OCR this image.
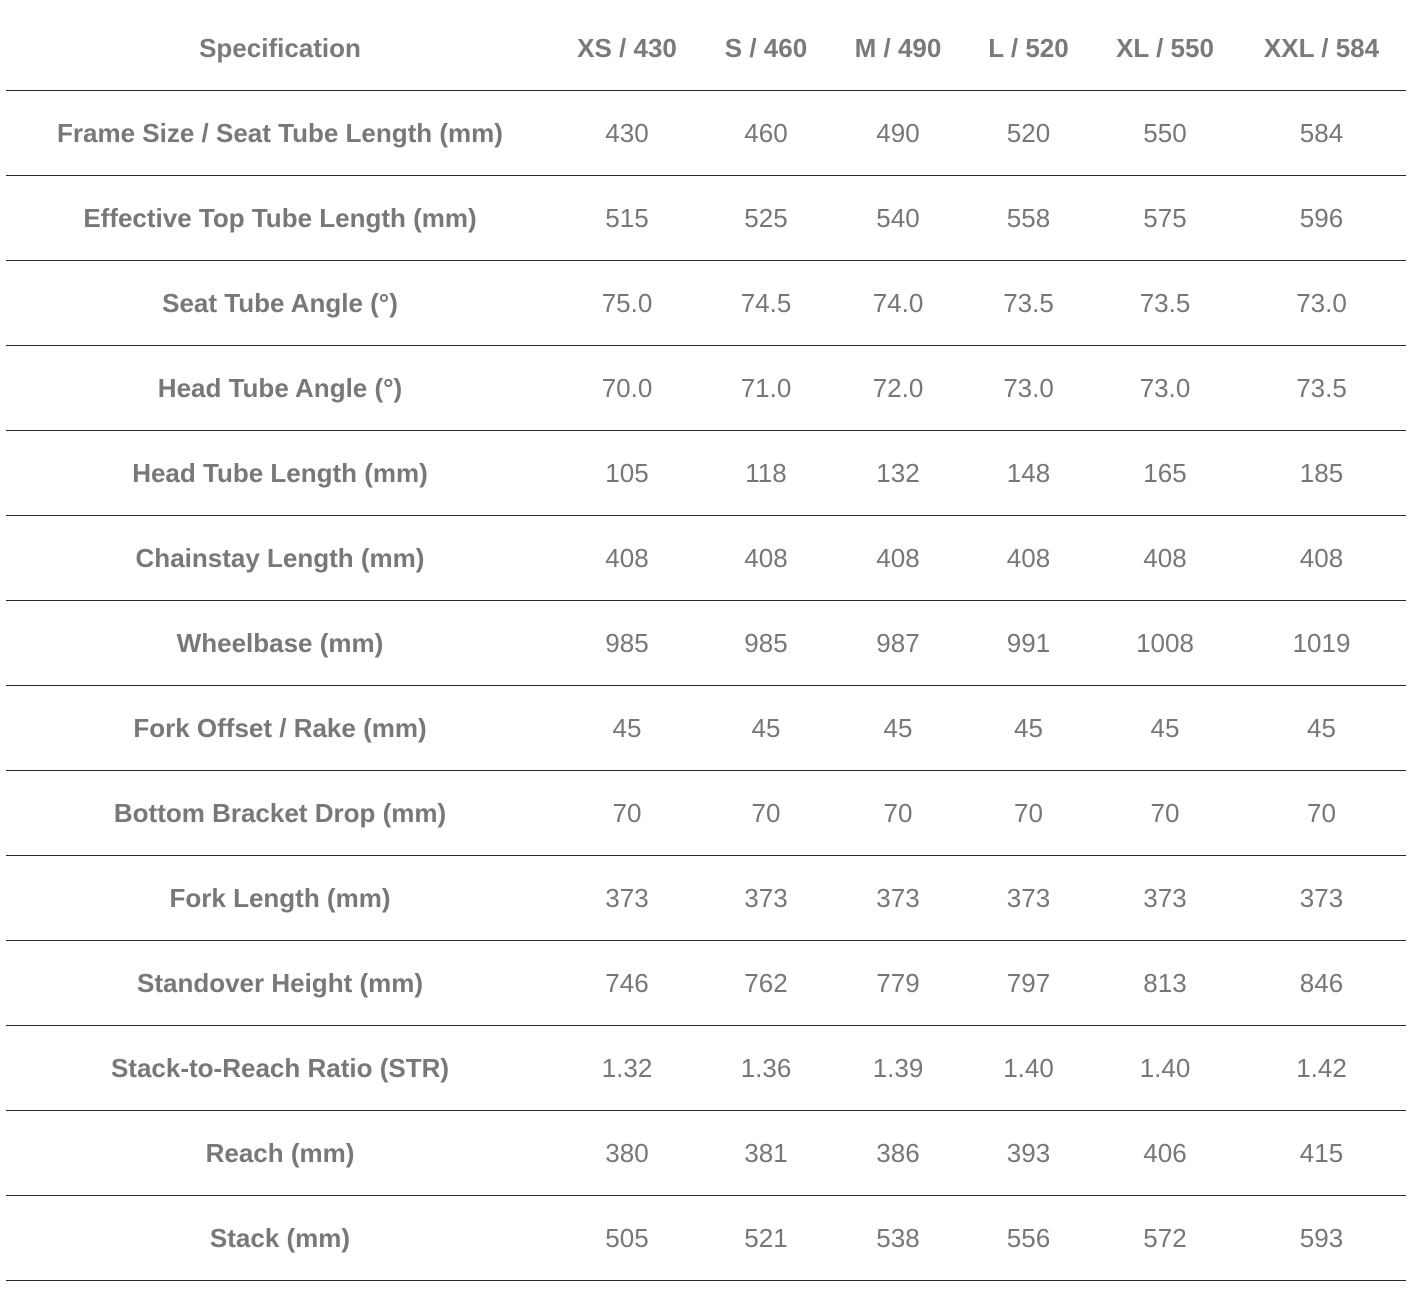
Specification	XS / 430	S / 460	M / 490	L / 520	XL / 550	XXL / 584
Frame Size / Seat Tube Length (mm)	430	460	490	520	550	584
Effective Top Tube Length (mm)	515	525	540	558	575	596
Seat Tube Angle (°)	75.0	74.5	74.0	73.5	73.5	73.0
Head Tube Angle (°)	70.0	71.0	72.0	73.0	73.0	73.5
Head Tube Length (mm)	105	118	132	148	165	185
Chainstay Length (mm)	408	408	408	408	408	408
Wheelbase (mm)	985	985	987	991	1008	1019
Fork Offset / Rake (mm)	45	45	45	45	45	45
Bottom Bracket Drop (mm)	70	70	70	70	70	70
Fork Length (mm)	373	373	373	373	373	373
Standover Height (mm)	746	762	779	797	813	846
Stack-to-Reach Ratio (STR)	1.32	1.36	1.39	1.40	1.40	1.42
Reach (mm)	380	381	386	393	406	415
Stack (mm)	505	521	538	556	572	593
